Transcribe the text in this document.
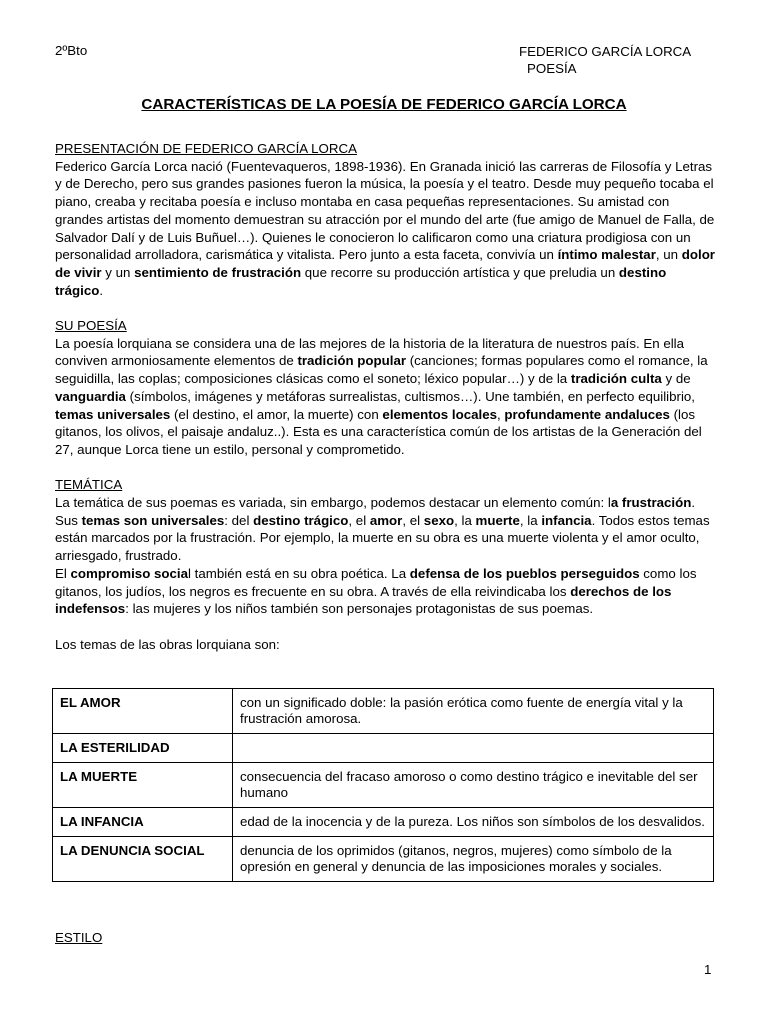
2ºBto	FEDERICO GARCÍA LORCA
POESÍA
CARACTERÍSTICAS DE LA POESÍA DE FEDERICO GARCÍA LORCA

PRESENTACIÓN DE FEDERICO GARCÍA LORCA

Federico García Lorca nació (Fuentevaqueros, 1898-1936). En Granada inició las carreras de Filosofía y Letras y de Derecho, pero sus grandes pasiones fueron la música, la poesía y el teatro. Desde muy pequeño tocaba el piano, creaba y recitaba poesía e incluso montaba en casa pequeñas representaciones. Su amistad con grandes artistas del momento demuestran su atracción por el mundo del arte (fue amigo de Manuel de Falla, de Salvador Dalí y de Luis Buñuel…). Quienes le conocieron lo calificaron como una criatura prodigiosa con un personalidad arrolladora, carismática y vitalista. Pero junto a esta faceta, convivía un íntimo malestar, un dolor de vivir y un sentimiento de frustración que recorre su producción artística y que preludia un destino trágico.

SU POESÍA

La poesía lorquiana se considera una de las mejores de la historia de la literatura de nuestros país. En ella conviven armoniosamente elementos de tradición popular (canciones; formas populares como el romance, la seguidilla, las coplas; composiciones clásicas como el soneto; léxico popular…) y de la tradición culta y de vanguardia (símbolos, imágenes y metáforas surrealistas, cultismos…). Une también, en perfecto equilibrio, temas universales (el destino, el amor, la muerte) con elementos locales, profundamente andaluces (los gitanos, los olivos, el paisaje andaluz..). Esta es una característica común de los artistas de la Generación del 27, aunque Lorca tiene un estilo, personal y comprometido.

TEMÁTICA

La temática de sus poemas es variada, sin embargo, podemos destacar un elemento común: la frustración. Sus temas son universales: del destino trágico, el amor, el sexo, la muerte, la infancia. Todos estos temas están marcados por la frustración. Por ejemplo, la muerte en su obra es una muerte violenta y el amor oculto, arriesgado, frustrado.

El compromiso social también está en su obra poética. La defensa de los pueblos perseguidos como los gitanos, los judíos, los negros es frecuente en su obra. A través de ella reivindicaba los derechos de los indefensos: las mujeres y los niños también son personajes protagonistas de sus poemas.

Los temas de las obras lorquiana son:

EL AMOR	con un significado doble: la pasión erótica como fuente de energía vital y la frustración amorosa.
LA ESTERILIDAD	
LA MUERTE	consecuencia del fracaso amoroso o como destino trágico e inevitable del ser humano
LA INFANCIA	edad de la inocencia y de la pureza. Los niños son símbolos de los desvalidos.
LA DENUNCIA SOCIAL	denuncia de los oprimidos (gitanos, negros, mujeres) como símbolo de la opresión en general y denuncia de las imposiciones morales y sociales.
ESTILO
1
